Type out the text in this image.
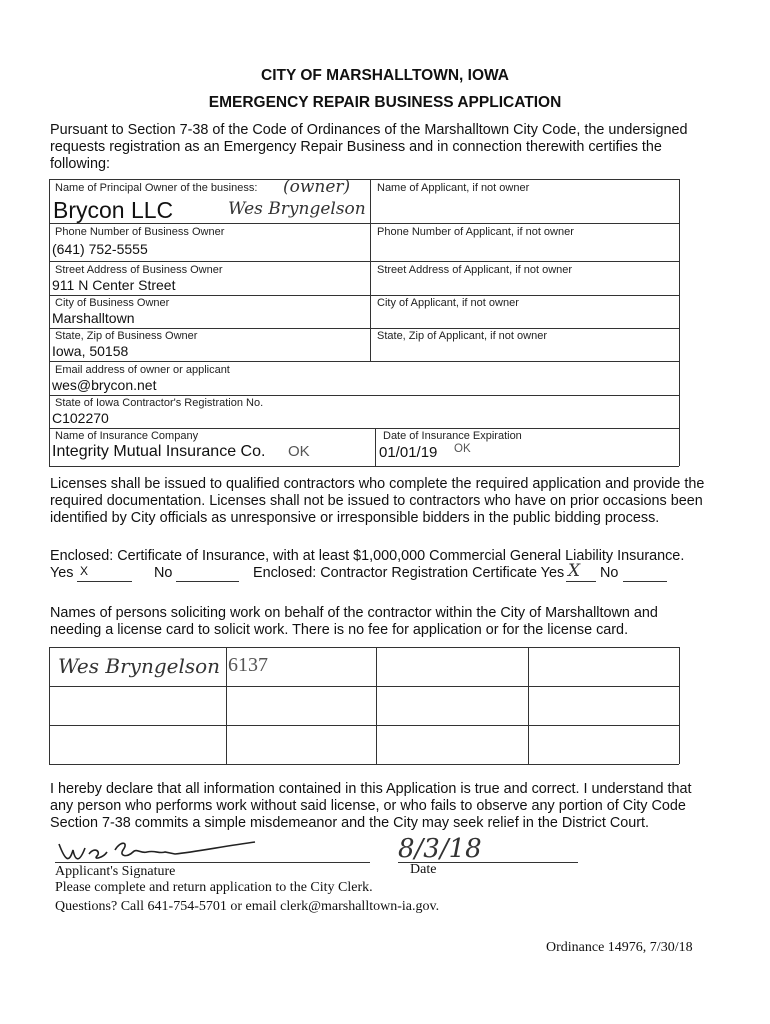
CITY OF MARSHALLTOWN, IOWA
EMERGENCY REPAIR BUSINESS APPLICATION
Pursuant to Section 7-38 of the Code of Ordinances of the Marshalltown City Code, the undersigned requests registration as an Emergency Repair Business and in connection therewith certifies the following:
Name of Principal Owner of the business: (owner)
Brycon LLC	Wes Bryngelson
Name of Applicant, if not owner
Phone Number of Business Owner
(641) 752-5555
Phone Number of Applicant, if not owner
Street Address of Business Owner
911 N Center Street
Street Address of Applicant, if not owner
City of Business Owner
Marshalltown
City of Applicant, if not owner
State, Zip of Business Owner
Iowa, 50158
State, Zip of Applicant, if not owner
Email address of owner or applicant
wes@brycon.net
State of Iowa Contractor's Registration No.
C102270
Name of Insurance Company
Integrity Mutual Insurance Co. OK
Date of Insurance Expiration
01/01/19 OK
Licenses shall be issued to qualified contractors who complete the required application and provide the required documentation. Licenses shall not be issued to contractors who have on prior occasions been identified by City officials as unresponsive or irresponsible bidders in the public bidding process.
Enclosed: Certificate of Insurance, with at least $1,000,000 Commercial General Liability Insurance.
Yes X	No	Enclosed: Contractor Registration Certificate Yes X No
Names of persons soliciting work on behalf of the contractor within the City of Marshalltown and needing a license card to solicit work. There is no fee for application or for the license card.
Wes Bryngelson 6137
I hereby declare that all information contained in this Application is true and correct. I understand that any person who performs work without said license, or who fails to observe any portion of City Code Section 7-38 commits a simple misdemeanor and the City may seek relief in the District Court.
8/3/18
Applicant's Signature	Date
Please complete and return application to the City Clerk.
Questions? Call 641-754-5701 or email clerk@marshalltown-ia.gov.
Ordinance 14976, 7/30/18
